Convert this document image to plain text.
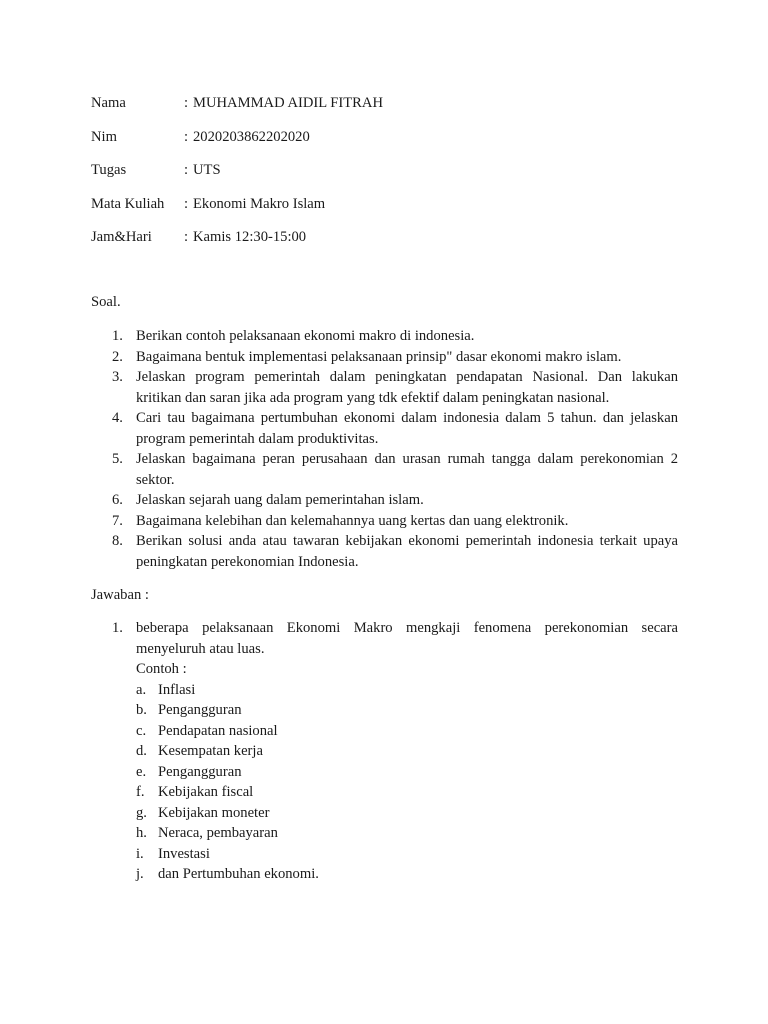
Nama	: MUHAMMAD AIDIL FITRAH
Nim	: 2020203862202020
Tugas	: UTS
Mata Kuliah	: Ekonomi Makro Islam
Jam&Hari	: Kamis 12:30-15:00
Soal.
1. Berikan contoh pelaksanaan ekonomi makro di indonesia.
2. Bagaimana bentuk implementasi pelaksanaan prinsip" dasar ekonomi makro islam.
3. Jelaskan program pemerintah dalam peningkatan pendapatan Nasional. Dan lakukan kritikan dan saran jika ada program yang tdk efektif dalam peningkatan nasional.
4. Cari tau bagaimana pertumbuhan ekonomi dalam indonesia dalam 5 tahun. dan jelaskan program pemerintah dalam produktivitas.
5. Jelaskan bagaimana peran perusahaan dan urasan rumah tangga dalam perekonomian 2 sektor.
6. Jelaskan sejarah uang dalam pemerintahan islam.
7. Bagaimana kelebihan dan kelemahannya uang kertas dan uang elektronik.
8. Berikan solusi anda atau tawaran kebijakan ekonomi pemerintah indonesia terkait upaya peningkatan perekonomian Indonesia.
Jawaban :
1. beberapa pelaksanaan Ekonomi Makro mengkaji fenomena perekonomian secara menyeluruh atau luas.
Contoh :
a. Inflasi
b. Pengangguran
c. Pendapatan nasional
d. Kesempatan kerja
e. Pengangguran
f. Kebijakan fiscal
g. Kebijakan moneter
h. Neraca, pembayaran
i. Investasi
j. dan Pertumbuhan ekonomi.
